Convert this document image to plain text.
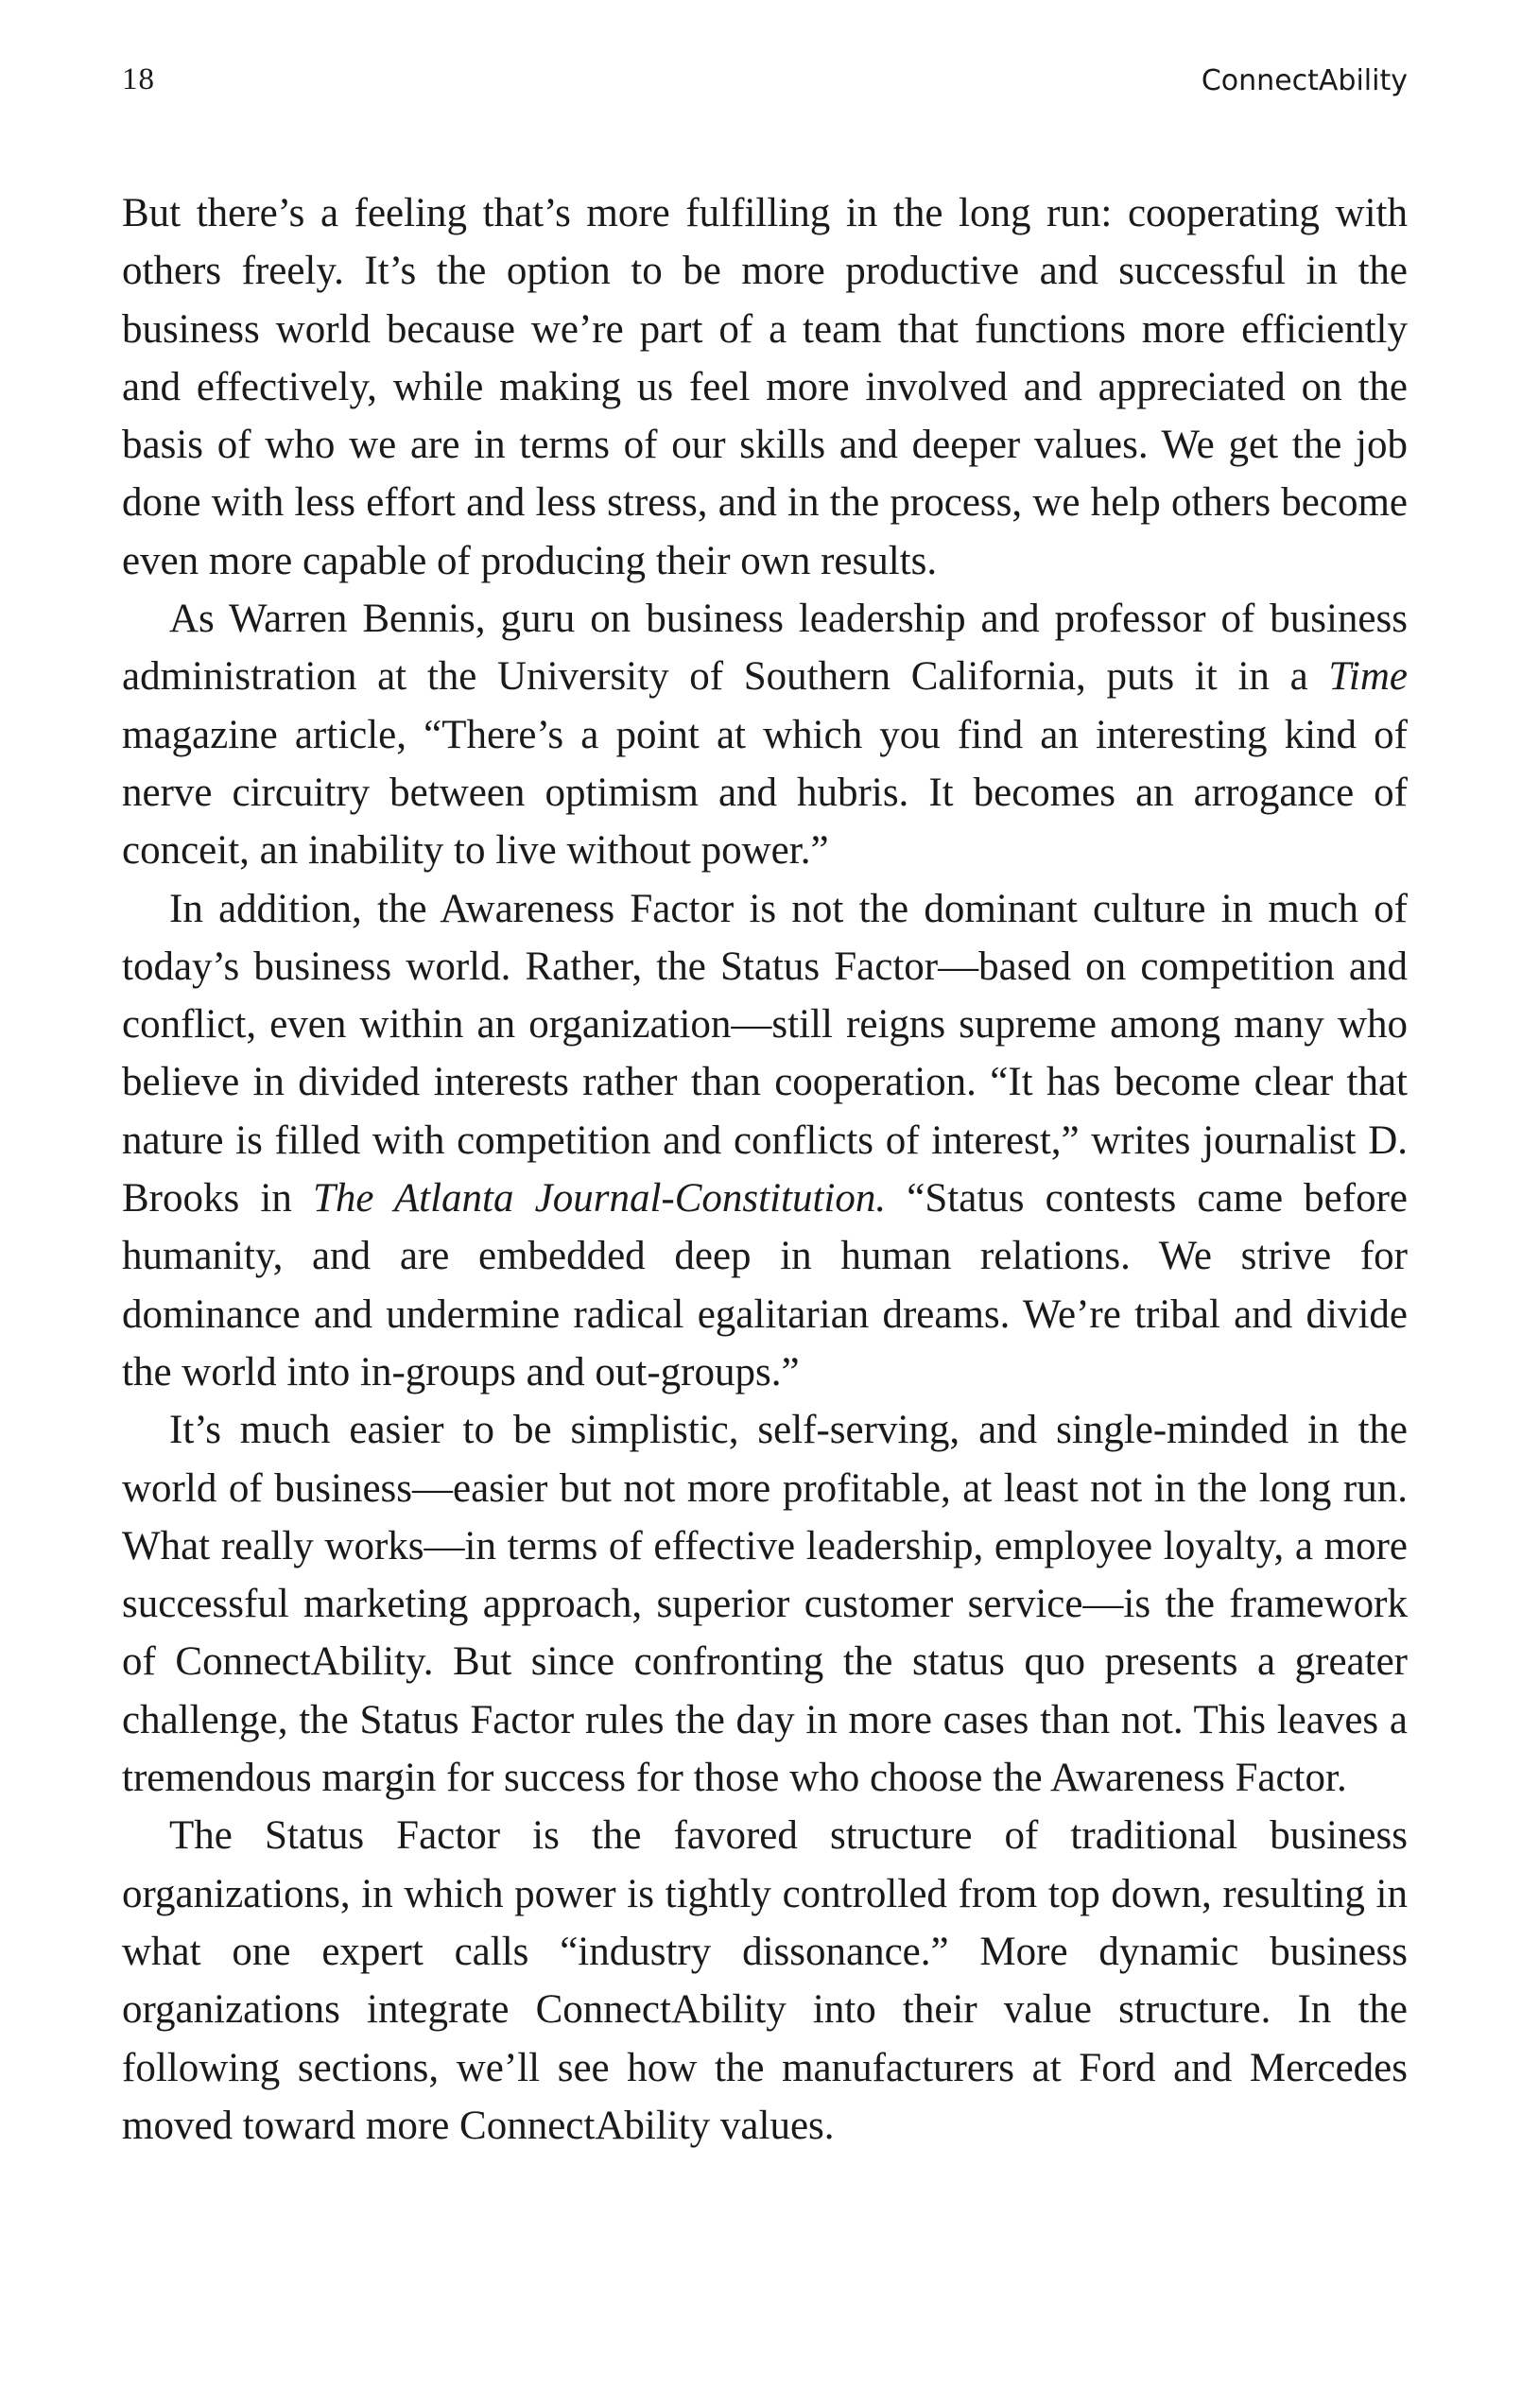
18	ConnectAbility

But there’s a feeling that’s more fulfilling in the long run: cooperating with others freely. It’s the option to be more productive and successful in the business world because we’re part of a team that functions more efficiently and effectively, while making us feel more involved and appreciated on the basis of who we are in terms of our skills and deeper values. We get the job done with less effort and less stress, and in the process, we help others become even more capable of producing their own results.

As Warren Bennis, guru on business leadership and professor of business administration at the University of Southern California, puts it in a Time magazine article, “There’s a point at which you find an interesting kind of nerve circuitry between optimism and hubris. It becomes an arrogance of conceit, an inability to live without power.”

In addition, the Awareness Factor is not the dominant culture in much of today’s business world. Rather, the Status Factor—based on competition and conflict, even within an organization—still reigns supreme among many who believe in divided interests rather than cooperation. “It has become clear that nature is filled with competition and conflicts of interest,” writes journalist D. Brooks in The Atlanta Journal-Constitution. “Status contests came before humanity, and are embedded deep in human relations. We strive for dominance and undermine radical egalitarian dreams. We’re tribal and divide the world into in-groups and out-groups.”

It’s much easier to be simplistic, self-serving, and single-minded in the world of business—easier but not more profitable, at least not in the long run. What really works—in terms of effective leadership, employee loyalty, a more successful marketing approach, superior customer service—is the framework of ConnectAbility. But since confronting the status quo presents a greater challenge, the Status Factor rules the day in more cases than not. This leaves a tremendous margin for success for those who choose the Awareness Factor.

The Status Factor is the favored structure of traditional business organizations, in which power is tightly controlled from top down, resulting in what one expert calls “industry dissonance.” More dynamic business organizations integrate ConnectAbility into their value structure. In the following sections, we’ll see how the manufacturers at Ford and Mercedes moved toward more ConnectAbility values.
